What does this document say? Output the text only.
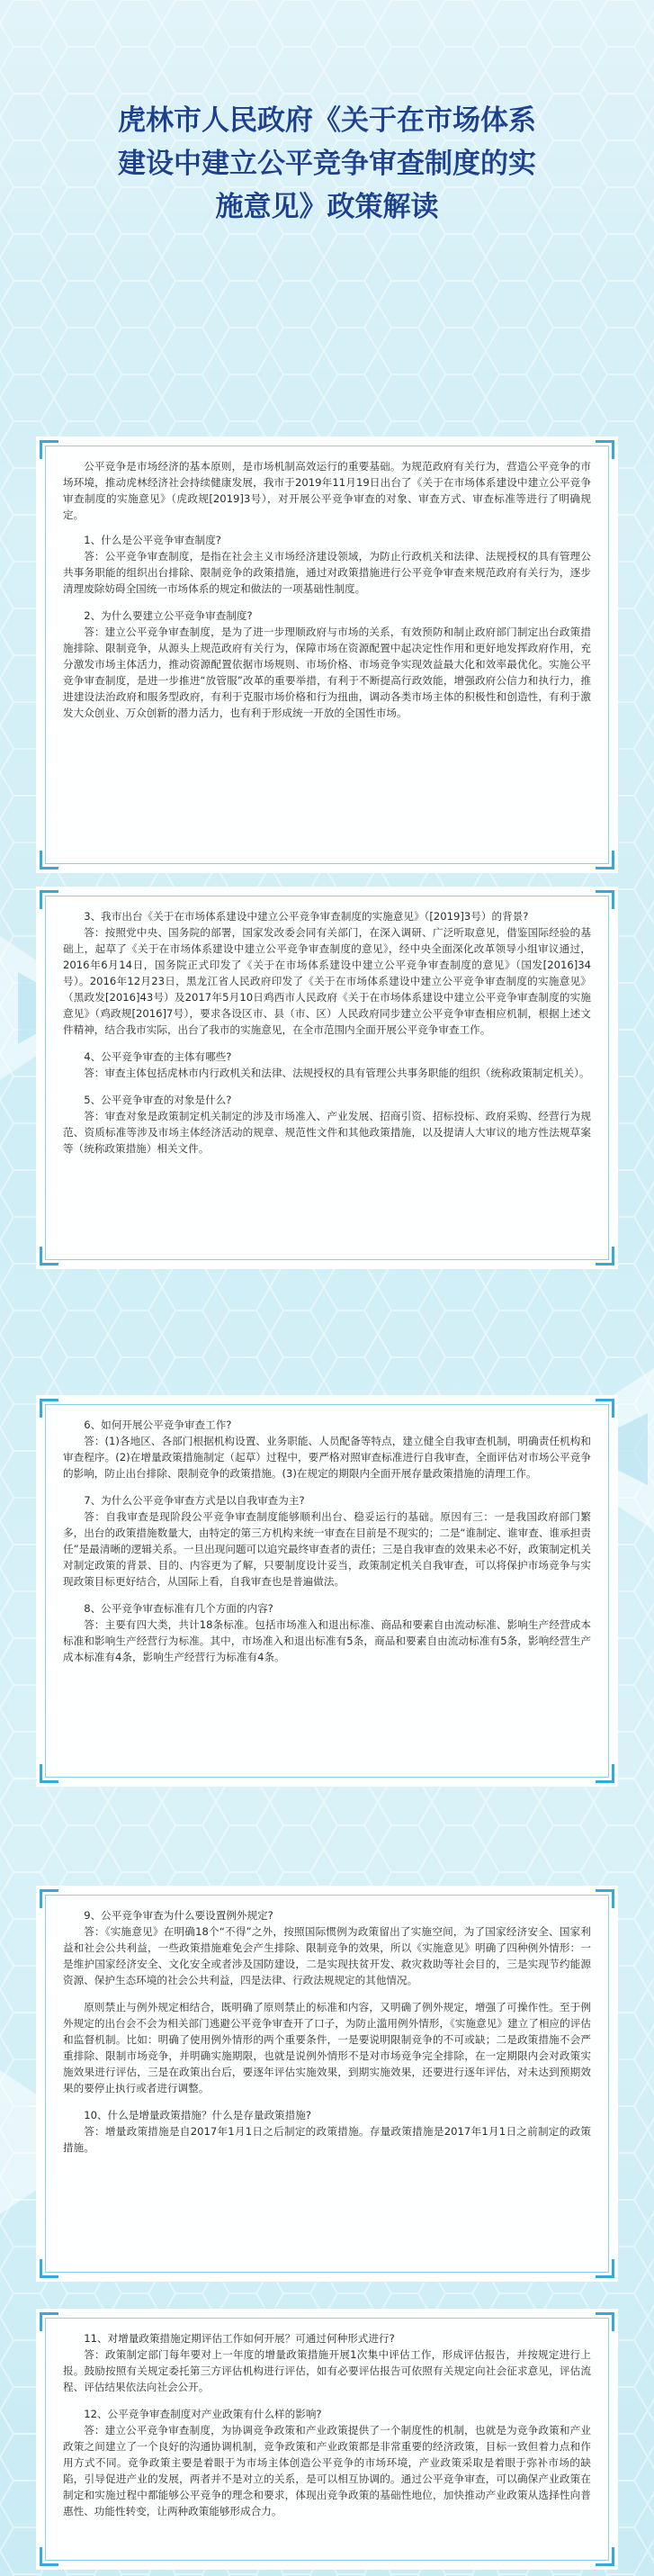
虎林市人民政府《关于在市场体系
建设中建立公平竞争审查制度的实
施意见》政策解读

公平竞争是市场经济的基本原则，是市场机制高效运行的重要基础。为规范政府有关行为，营造公平竞争的市场环境，推动虎林经济社会持续健康发展，我市于2019年11月19日出台了《关于在市场体系建设中建立公平竞争审查制度的实施意见》（虎政规[2019]3号），对开展公平竞争审查的对象、审查方式、审查标准等进行了明确规定。

1、什么是公平竞争审查制度?

答：公平竞争审查制度，是指在社会主义市场经济建设领域，为防止行政机关和法律、法规授权的具有管理公共事务职能的组织出台排除、限制竞争的政策措施，通过对政策措施进行公平竞争审查来规范政府有关行为，逐步清理废除妨碍全国统一市场体系的规定和做法的一项基础性制度。

2、为什么要建立公平竞争审查制度?

答：建立公平竞争审查制度，是为了进一步理顺政府与市场的关系，有效预防和制止政府部门制定出台政策措施排除、限制竞争，从源头上规范政府有关行为，保障市场在资源配置中起决定性作用和更好地发挥政府作用，充分激发市场主体活力，推动资源配置依据市场规则、市场价格、市场竞争实现效益最大化和效率最优化。实施公平竞争审查制度，是进一步推进“放管服”改革的重要举措，有利于不断提高行政效能，增强政府公信力和执行力，推进建设法治政府和服务型政府，有利于克服市场价格和行为扭曲，调动各类市场主体的积极性和创造性，有利于激发大众创业、万众创新的潜力活力，也有利于形成统一开放的全国性市场。

3、我市出台《关于在市场体系建设中建立公平竞争审查制度的实施意见》（[2019]3号）的背景?

答：按照党中央、国务院的部署，国家发改委会同有关部门，在深入调研、广泛听取意见，借鉴国际经验的基础上，起草了《关于在市场体系建设中建立公平竞争审查制度的意见》，经中央全面深化改革领导小组审议通过，2016年6月14日，国务院正式印发了《关于在市场体系建设中建立公平竞争审查制度的意见》（国发[2016]34号）。2016年12月23日，黑龙江省人民政府印发了《关于在市场体系建设中建立公平竞争审查制度的实施意见》（黑政发[2016]43号）及2017年5月10日鸡西市人民政府《关于在市场体系建设中建立公平竞争审查制度的实施意见》（鸡政规[2016]7号），要求各设区市、县（市、区）人民政府同步建立公平竞争审查相应机制，根据上述文件精神，结合我市实际，出台了我市的实施意见，在全市范围内全面开展公平竞争审查工作。

4、公平竞争审查的主体有哪些?

答：审查主体包括虎林市内行政机关和法律、法规授权的具有管理公共事务职能的组织（统称政策制定机关）。

5、公平竞争审查的对象是什么?

答：审查对象是政策制定机关制定的涉及市场准入、产业发展、招商引资、招标投标、政府采购、经营行为规范、资质标准等涉及市场主体经济活动的规章、规范性文件和其他政策措施，以及提请人大审议的地方性法规草案等（统称政策措施）相关文件。

6、如何开展公平竞争审查工作?

答：(1)各地区、各部门根据机构设置、业务职能、人员配备等特点，建立健全自我审查机制，明确责任机构和审查程序。(2)在增量政策措施制定（起草）过程中，要严格对照审查标准进行自我审查，全面评估对市场公平竞争的影响，防止出台排除、限制竞争的政策措施。(3)在规定的期限内全面开展存量政策措施的清理工作。

7、为什么公平竞争审查方式是以自我审查为主?

答：自我审查是现阶段公平竞争审查制度能够顺利出台、稳妥运行的基础。原因有三：一是我国政府部门繁多，出台的政策措施数量大，由特定的第三方机构来统一审查在目前是不现实的；二是“谁制定、谁审查、谁承担责任”是最清晰的逻辑关系。一旦出现问题可以追究最终审查者的责任；三是自我审查的效果未必不好，政策制定机关对制定政策的背景、目的、内容更为了解，只要制度设计妥当，政策制定机关自我审查，可以将保护市场竞争与实现政策目标更好结合，从国际上看，自我审查也是普遍做法。

8、公平竞争审查标准有几个方面的内容?

答：主要有四大类，共计18条标准。包括市场准入和退出标准、商品和要素自由流动标准、影响生产经营成本标准和影响生产经营行为标准。其中，市场准入和退出标准有5条，商品和要素自由流动标准有5条，影响经营生产成本标准有4条，影响生产经营行为标准有4条。

9、公平竞争审查为什么要设置例外规定?

答：《实施意见》在明确18个“不得”之外，按照国际惯例为政策留出了实施空间，为了国家经济安全、国家利益和社会公共利益，一些政策措施难免会产生排除、限制竞争的效果，所以《实施意见》明确了四种例外情形：一是维护国家经济安全、文化安全或者涉及国防建设，二是实现扶贫开发、救灾救助等社会目的，三是实现节约能源资源、保护生态环境的社会公共利益，四是法律、行政法规规定的其他情况。

原则禁止与例外规定相结合，既明确了原则禁止的标准和内容，又明确了例外规定，增强了可操作性。至于例外规定的出台会不会为相关部门逃避公平竞争审查开了口子，为防止滥用例外情形，《实施意见》建立了相应的评估和监督机制。比如：明确了使用例外情形的两个重要条件，一是要说明限制竞争的不可或缺；二是政策措施不会严重排除、限制市场竞争，并明确实施期限，也就是说例外情形不是对市场竞争完全排除，在一定期限内会对政策实施效果进行评估，三是在政策出台后，要逐年评估实施效果，到期实施效果，还要进行逐年评估，对未达到预期效果的要停止执行或者进行调整。

10、什么是增量政策措施？什么是存量政策措施?

答：增量政策措施是自2017年1月1日之后制定的政策措施。存量政策措施是2017年1月1日之前制定的政策措施。

11、对增量政策措施定期评估工作如何开展？可通过何种形式进行?

答：政策制定部门每年要对上一年度的增量政策措施开展1次集中评估工作，形成评估报告，并按规定进行上报。鼓励按照有关规定委托第三方评估机构进行评估，如有必要评估报告可依照有关规定向社会征求意见，评估流程、评估结果依法向社会公开。

12、公平竞争审查制度对产业政策有什么样的影响?

答：建立公平竞争审查制度，为协调竞争政策和产业政策提供了一个制度性的机制，也就是为竞争政策和产业政策之间建立了一个良好的沟通协调机制，竞争政策和产业政策都是非常重要的经济政策，目标一致但着力点和作用方式不同。竞争政策主要是着眼于为市场主体创造公平竞争的市场环境，产业政策采取是着眼于弥补市场的缺陷，引导促进产业的发展，两者并不是对立的关系，是可以相互协调的。通过公平竞争审查，可以确保产业政策在制定和实施过程中都能够公平竞争的理念和要求，体现出竞争政策的基础性地位，加快推动产业政策从选择性向普惠性、功能性转变，让两种政策能够形成合力。
